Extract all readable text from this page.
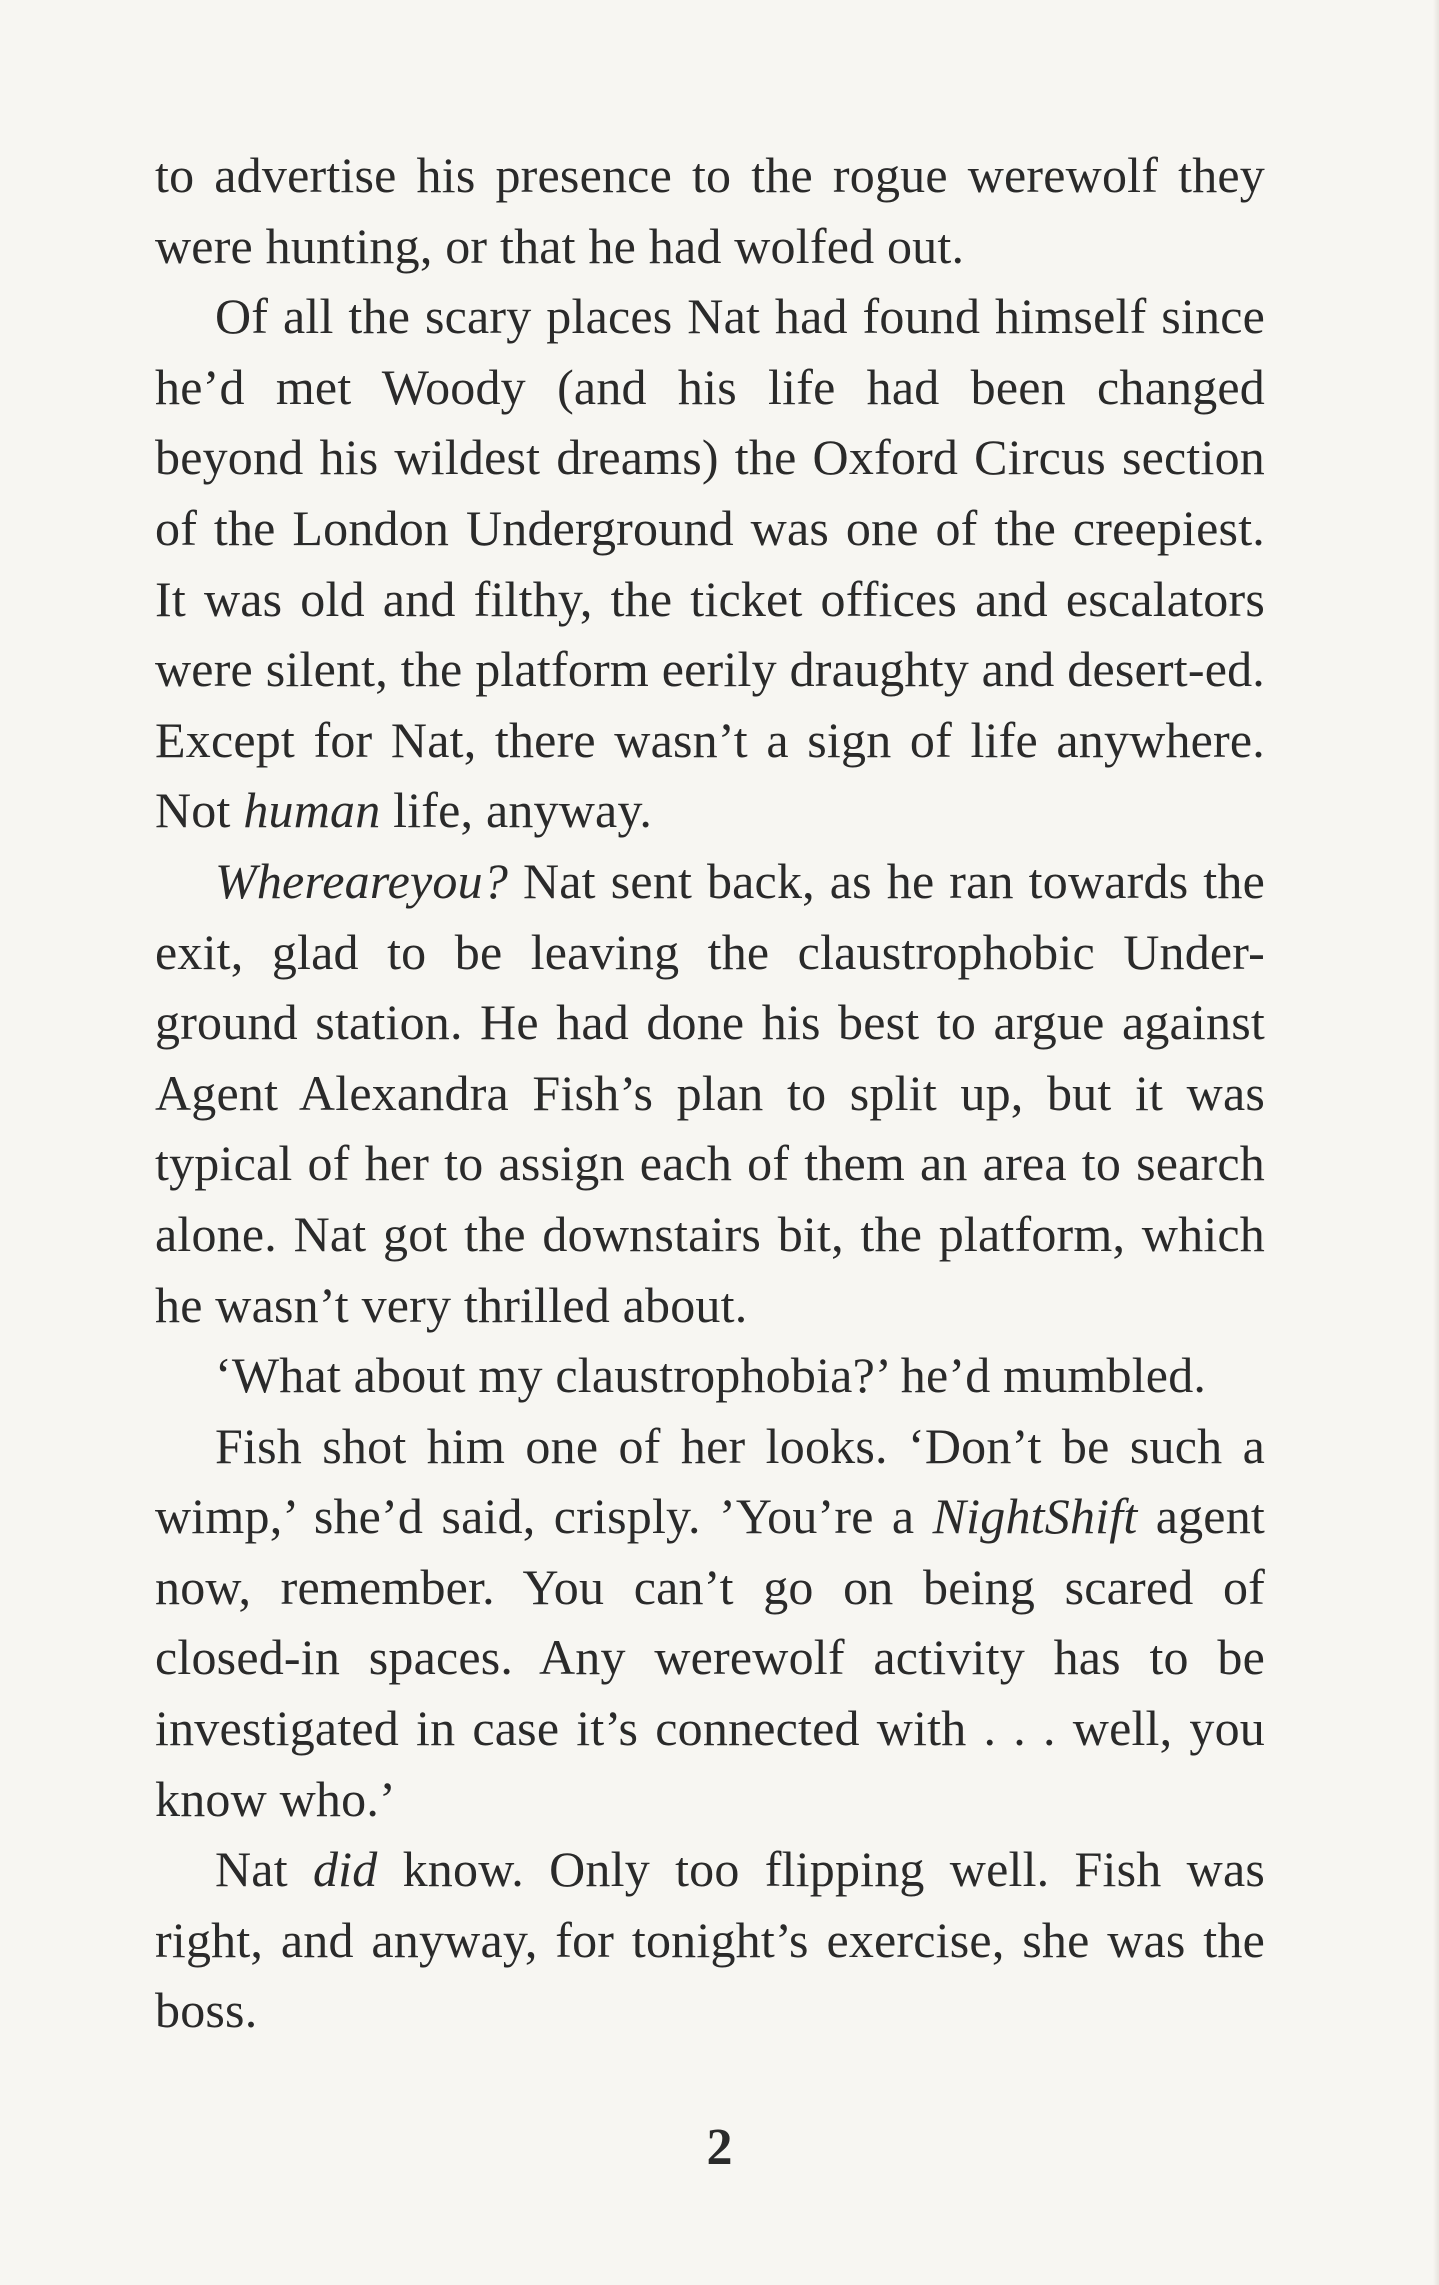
to advertise his presence to the rogue werewolf they were hunting, or that he had wolfed out.

Of all the scary places Nat had found himself since he’d met Woody (and his life had been changed beyond his wildest dreams) the Oxford Circus section of the London Underground was one of the creepiest. It was old and filthy, the ticket offices and escalators were silent, the platform eerily draughty and desert-ed. Except for Nat, there wasn’t a sign of life anywhere. Not human life, anyway.

Whereareyou? Nat sent back, as he ran towards the exit, glad to be leaving the claustrophobic Under-ground station. He had done his best to argue against Agent Alexandra Fish’s plan to split up, but it was typical of her to assign each of them an area to search alone. Nat got the downstairs bit, the platform, which he wasn’t very thrilled about.

‘What about my claustrophobia?’ he’d mumbled.

Fish shot him one of her looks. ‘Don’t be such a wimp,’ she’d said, crisply. ’You’re a NightShift agent now, remember. You can’t go on being scared of closed-in spaces. Any werewolf activity has to be investigated in case it’s connected with . . . well, you know who.’

Nat did know. Only too flipping well. Fish was right, and anyway, for tonight’s exercise, she was the boss.

2
